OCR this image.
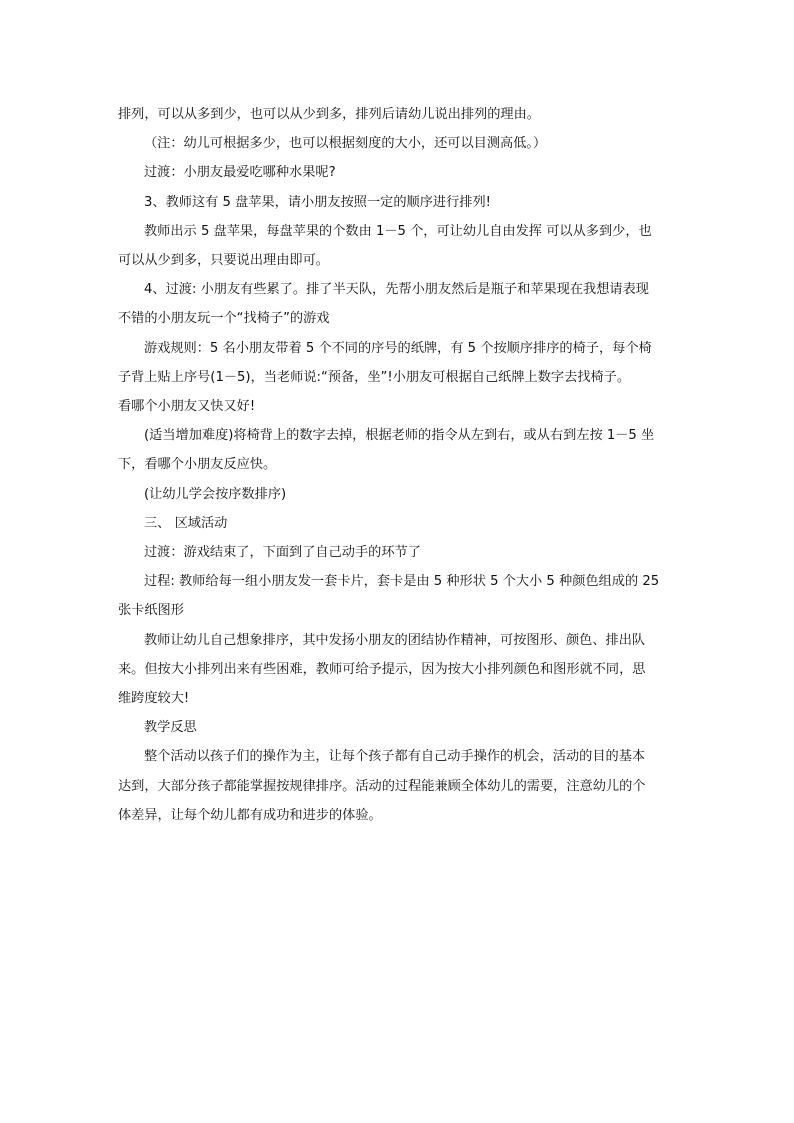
排列，可以从多到少，也可以从少到多，排列后请幼儿说出排列的理由。

（注：幼儿可根据多少，也可以根据刻度的大小，还可以目测高低。）

过渡：小朋友最爱吃哪种水果呢?

3、教师这有 5 盘苹果，请小朋友按照一定的顺序进行排列!

教师出示 5 盘苹果，每盘苹果的个数由 1－5 个，可让幼儿自由发挥 可以从多到少，也

可以从少到多，只要说出理由即可。

4、过渡: 小朋友有些累了。排了半天队，先帮小朋友然后是瓶子和苹果现在我想请表现

不错的小朋友玩一个“找椅子”的游戏

游戏规则：5 名小朋友带着 5 个不同的序号的纸牌，有 5 个按顺序排序的椅子，每个椅

子背上贴上序号(1－5)，当老师说:“预备，坐”!小朋友可根据自己纸牌上数字去找椅子。

看哪个小朋友又快又好!

(适当增加难度)将椅背上的数字去掉，根据老师的指令从左到右，或从右到左按 1－5 坐

下，看哪个小朋友反应快。

(让幼儿学会按序数排序)

三、 区域活动

过渡：游戏结束了，下面到了自己动手的环节了

过程: 教师给每一组小朋友发一套卡片，套卡是由 5 种形状 5 个大小 5 种颜色组成的 25

张卡纸图形

教师让幼儿自己想象排序，其中发扬小朋友的团结协作精神，可按图形、颜色、排出队

来。但按大小排列出来有些困难，教师可给予提示，因为按大小排列颜色和图形就不同，思

维跨度较大!

教学反思

整个活动以孩子们的操作为主，让每个孩子都有自己动手操作的机会，活动的目的基本

达到，大部分孩子都能掌握按规律排序。活动的过程能兼顾全体幼儿的需要，注意幼儿的个

体差异，让每个幼儿都有成功和进步的体验。
